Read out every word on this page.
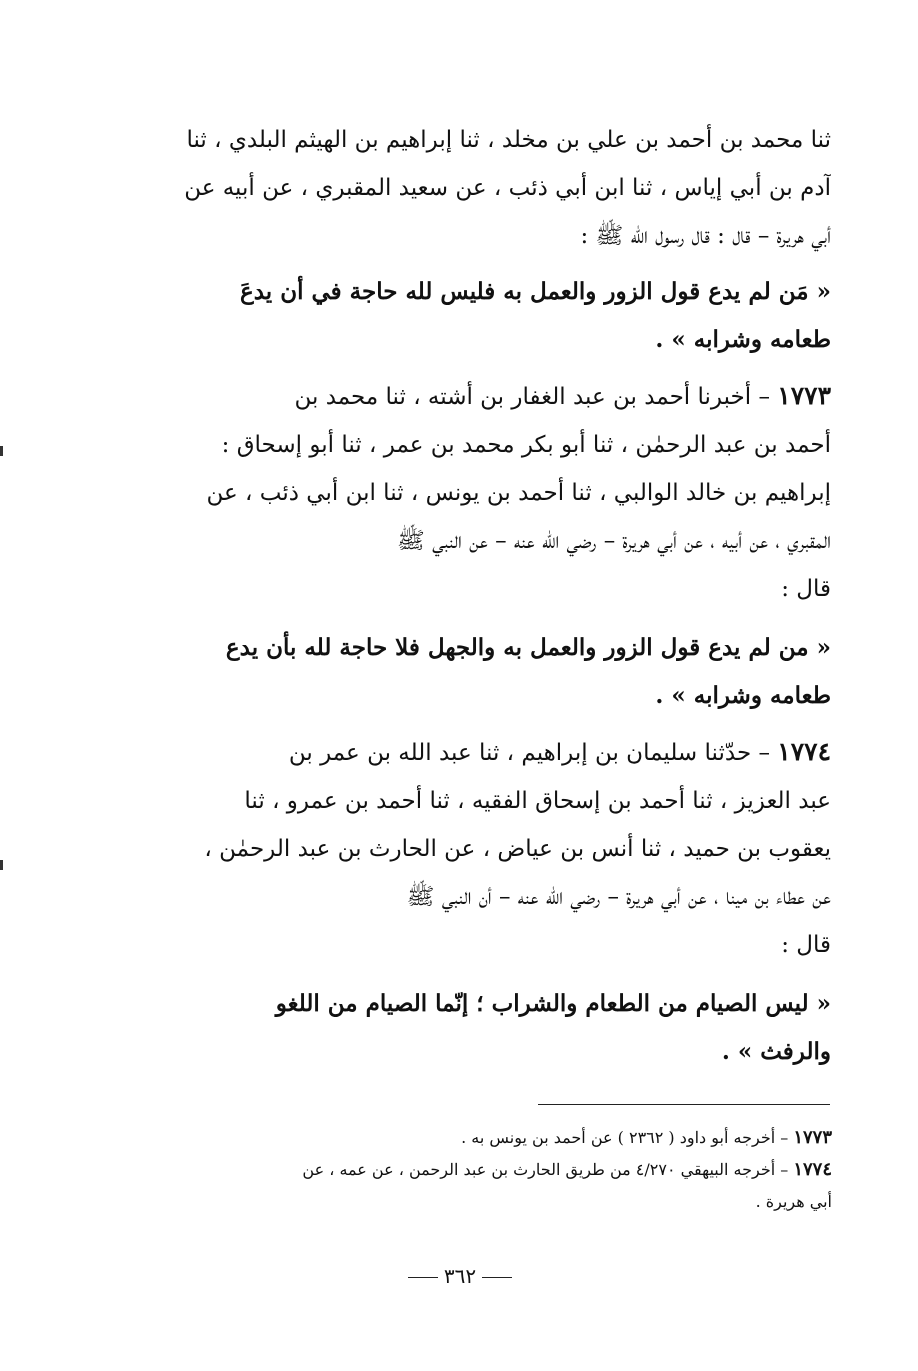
ثنا محمد بن أحمد بن علي بن مخلد ، ثنا إبراهيم بن الهيثم البلدي ، ثنا
آدم بن أبي إياس ، ثنا ابن أبي ذئب ، عن سعيد المقبري ، عن أبيه عن
أبي هريرة – قال : قال رسول الله ﷺ :
« مَن لم يدع قول الزور والعمل به فليس لله حاجة في أن يدعَ
طعامه وشرابه » .
١٧٧٣ – أخبرنا أحمد بن عبد الغفار بن أشته ، ثنا محمد بن
أحمد بن عبد الرحمٰن ، ثنا أبو بكر محمد بن عمر ، ثنا أبو إسحاق :
إبراهيم بن خالد الوالبي ، ثنا أحمد بن يونس ، ثنا ابن أبي ذئب ، عن
المقبري ، عن أبيه ، عن أبي هريرة – رضي الله عنه – عن النبي ﷺ
قال :
« من لم يدع قول الزور والعمل به والجهل فلا حاجة لله بأن يدع
طعامه وشرابه » .
١٧٧٤ – حدّثنا سليمان بن إبراهيم ، ثنا عبد الله بن عمر بن
عبد العزيز ، ثنا أحمد بن إسحاق الفقيه ، ثنا أحمد بن عمرو ، ثنا
يعقوب بن حميد ، ثنا أنس بن عياض ، عن الحارث بن عبد الرحمٰن ،
عن عطاء بن مينا ، عن أبي هريرة – رضي الله عنه – أن النبي ﷺ
قال :
« ليس الصيام من الطعام والشراب ؛ إنّما الصيام من اللغو
والرفث » .
١٧٧٣ – أخرجه أبو داود ( ٢٣٦٢ ) عن أحمد بن يونس به .
١٧٧٤ – أخرجه البيهقي ٤/٢٧٠ من طريق الحارث بن عبد الرحمن ، عن عمه ، عن
أبي هريرة .
٣٦٢
